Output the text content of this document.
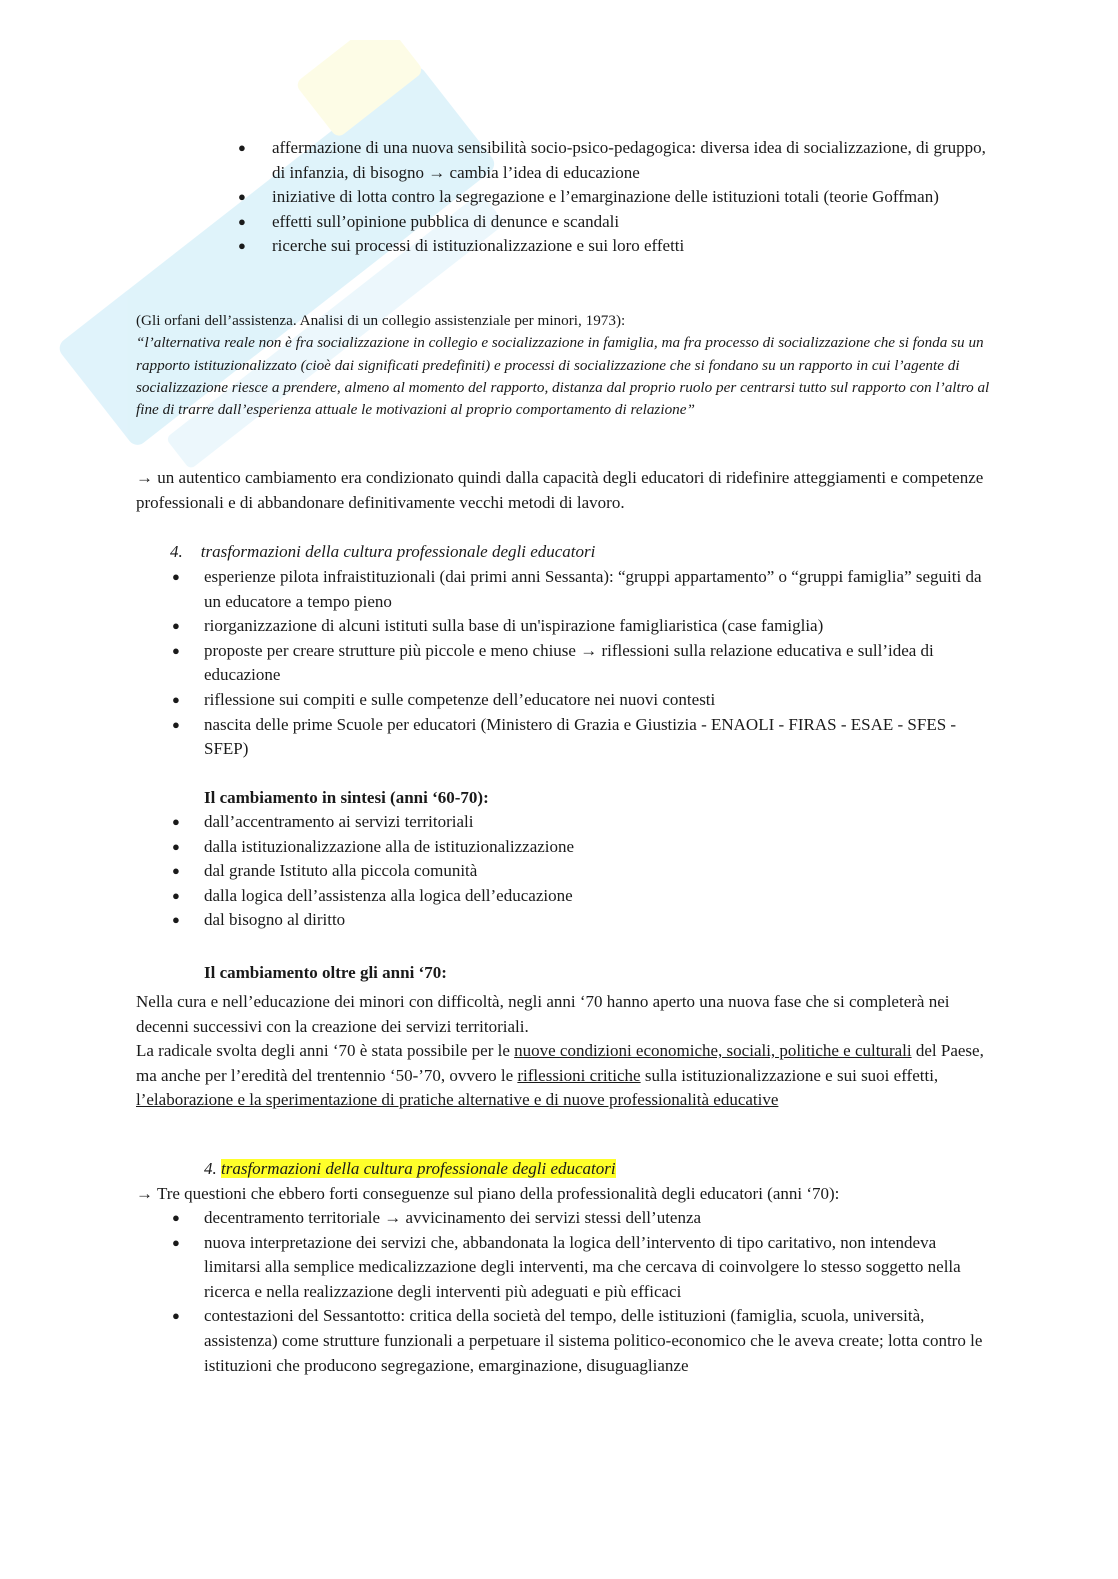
● affermazione di una nuova sensibilità socio-psico-pedagogica: diversa idea di socializzazione, di gruppo, di infanzia, di bisogno → cambia l’idea di educazione
● iniziative di lotta contro la segregazione e l’emarginazione delle istituzioni totali (teorie Goffman)
● effetti sull’opinione pubblica di denunce e scandali
● ricerche sui processi di istituzionalizzazione e sui loro effetti
(Gli orfani dell’assistenza. Analisi di un collegio assistenziale per minori, 1973):
“l’alternativa reale non è fra socializzazione in collegio e socializzazione in famiglia, ma fra processo di socializzazione che si fonda su un rapporto istituzionalizzato (cioè dai significati predefiniti) e processi di socializzazione che si fondano su un rapporto in cui l’agente di socializzazione riesce a prendere, almeno al momento del rapporto, distanza dal proprio ruolo per centrarsi tutto sul rapporto con l’altro al fine di trarre dall’esperienza attuale le motivazioni al proprio comportamento di relazione”
→ un autentico cambiamento era condizionato quindi dalla capacità degli educatori di ridefinire atteggiamenti e competenze professionali e di abbandonare definitivamente vecchi metodi di lavoro.
4. trasformazioni della cultura professionale degli educatori
● esperienze pilota infraistituzionali (dai primi anni Sessanta): “gruppi appartamento” o “gruppi famiglia” seguiti da un educatore a tempo pieno
● riorganizzazione di alcuni istituti sulla base di un'ispirazione famigliaristica (case famiglia)
● proposte per creare strutture più piccole e meno chiuse → riflessioni sulla relazione educativa e sull’idea di educazione
● riflessione sui compiti e sulle competenze dell’educatore nei nuovi contesti
● nascita delle prime Scuole per educatori (Ministero di Grazia e Giustizia - ENAOLI - FIRAS - ESAE - SFES - SFEP)
Il cambiamento in sintesi (anni ‘60-70):
● dall’accentramento ai servizi territoriali
● dalla istituzionalizzazione alla de istituzionalizzazione
● dal grande Istituto alla piccola comunità
● dalla logica dell’assistenza alla logica dell’educazione
● dal bisogno al diritto
Il cambiamento oltre gli anni ‘70:
Nella cura e nell’educazione dei minori con difficoltà, negli anni ‘70 hanno aperto una nuova fase che si completerà nei decenni successivi con la creazione dei servizi territoriali.
La radicale svolta degli anni ‘70 è stata possibile per le nuove condizioni economiche, sociali, politiche e culturali del Paese, ma anche per l’eredità del trentennio ‘50-’70, ovvero le riflessioni critiche sulla istituzionalizzazione e sui suoi effetti, l’elaborazione e la sperimentazione di pratiche alternative e di nuove professionalità educative
4. trasformazioni della cultura professionale degli educatori
→ Tre questioni che ebbero forti conseguenze sul piano della professionalità degli educatori (anni ‘70):
● decentramento territoriale → avvicinamento dei servizi stessi dell’utenza
● nuova interpretazione dei servizi che, abbandonata la logica dell’intervento di tipo caritativo, non intendeva limitarsi alla semplice medicalizzazione degli interventi, ma che cercava di coinvolgere lo stesso soggetto nella ricerca e nella realizzazione degli interventi più adeguati e più efficaci
● contestazioni del Sessantotto: critica della società del tempo, delle istituzioni (famiglia, scuola, università, assistenza) come strutture funzionali a perpetuare il sistema politico-economico che le aveva create; lotta contro le istituzioni che producono segregazione, emarginazione, disuguaglianze
